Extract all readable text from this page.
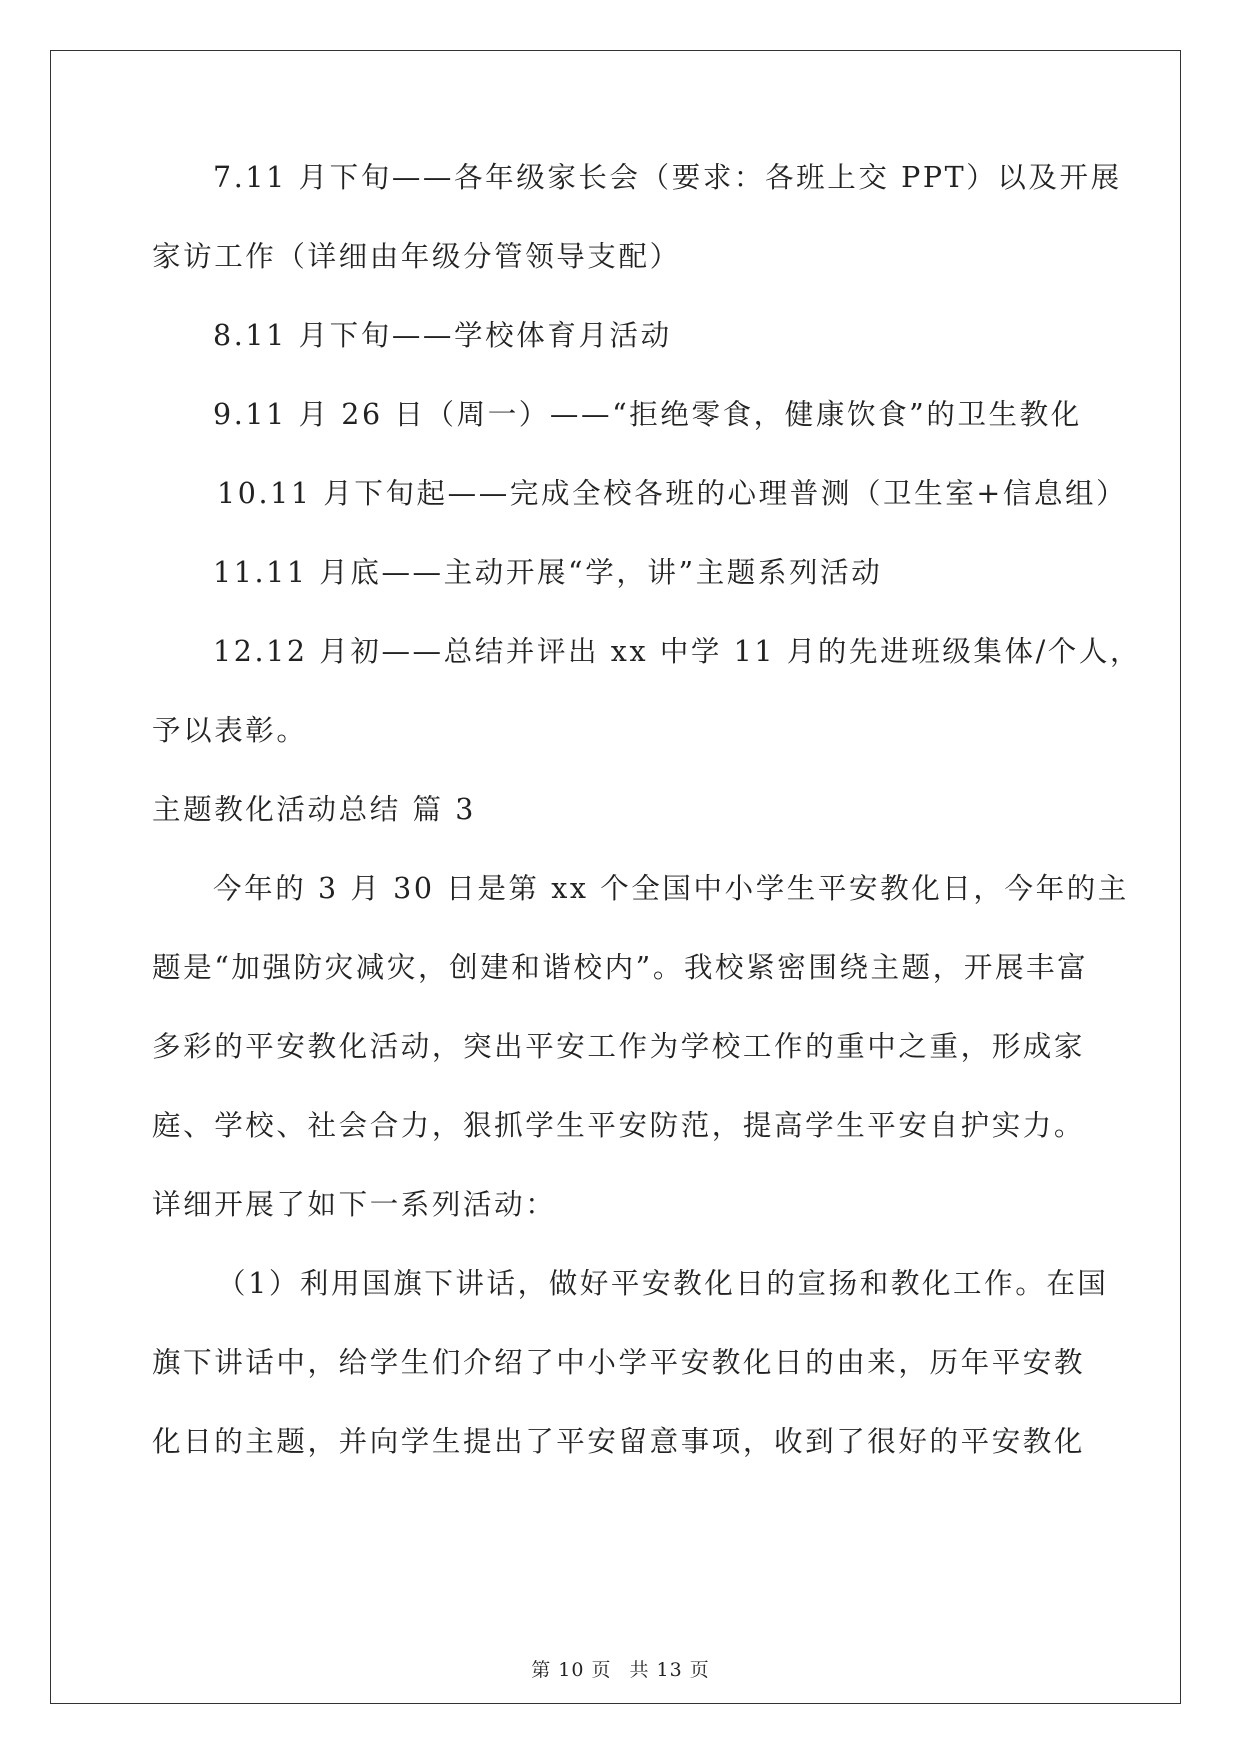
7.11 月下旬——各年级家长会（要求：各班上交 PPT）以及开展
家访工作（详细由年级分管领导支配）
8.11 月下旬——学校体育月活动
9.11 月 26 日（周一）——“拒绝零食，健康饮食”的卫生教化
10.11 月下旬起——完成全校各班的心理普测（卫生室+信息组）
11.11 月底——主动开展“学，讲”主题系列活动
12.12 月初——总结并评出 xx 中学 11 月的先进班级集体/个人，
予以表彰。
主题教化活动总结 篇 3
今年的 3 月 30 日是第 xx 个全国中小学生平安教化日，今年的主
题是“加强防灾减灾，创建和谐校内”。我校紧密围绕主题，开展丰富
多彩的平安教化活动，突出平安工作为学校工作的重中之重，形成家
庭、学校、社会合力，狠抓学生平安防范，提高学生平安自护实力。
详细开展了如下一系列活动：
（1）利用国旗下讲话，做好平安教化日的宣扬和教化工作。在国
旗下讲话中，给学生们介绍了中小学平安教化日的由来，历年平安教
化日的主题，并向学生提出了平安留意事项，收到了很好的平安教化
第 10 页 共 13 页
